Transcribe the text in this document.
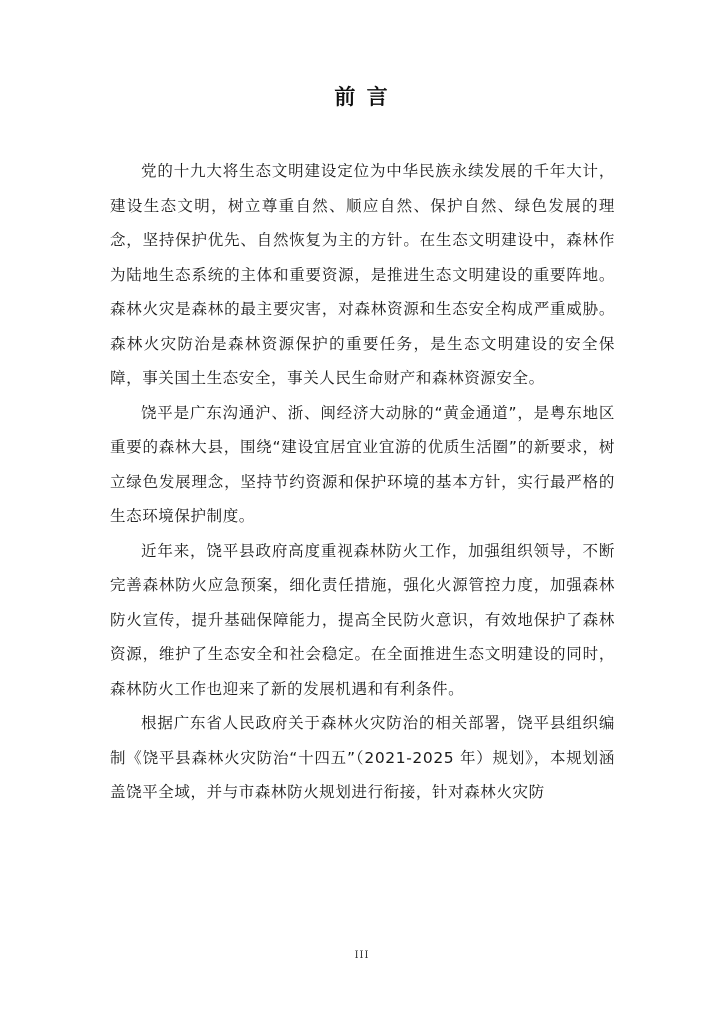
前 言

党的十九大将生态文明建设定位为中华民族永续发展的千年大计，建设生态文明，树立尊重自然、顺应自然、保护自然、绿色发展的理念，坚持保护优先、自然恢复为主的方针。在生态文明建设中，森林作为陆地生态系统的主体和重要资源，是推进生态文明建设的重要阵地。森林火灾是森林的最主要灾害，对森林资源和生态安全构成严重威胁。森林火灾防治是森林资源保护的重要任务，是生态文明建设的安全保障，事关国土生态安全，事关人民生命财产和森林资源安全。

饶平是广东沟通沪、浙、闽经济大动脉的“黄金通道”，是粤东地区重要的森林大县，围绕“建设宜居宜业宜游的优质生活圈”的新要求，树立绿色发展理念，坚持节约资源和保护环境的基本方针，实行最严格的生态环境保护制度。

近年来，饶平县政府高度重视森林防火工作，加强组织领导，不断完善森林防火应急预案，细化责任措施，强化火源管控力度，加强森林防火宣传，提升基础保障能力，提高全民防火意识，有效地保护了森林资源，维护了生态安全和社会稳定。在全面推进生态文明建设的同时，森林防火工作也迎来了新的发展机遇和有利条件。

根据广东省人民政府关于森林火灾防治的相关部署，饶平县组织编制《饶平县森林火灾防治“十四五”（2021-2025 年）规划》，本规划涵盖饶平全域，并与市森林防火规划进行衔接，针对森林火灾防

III
